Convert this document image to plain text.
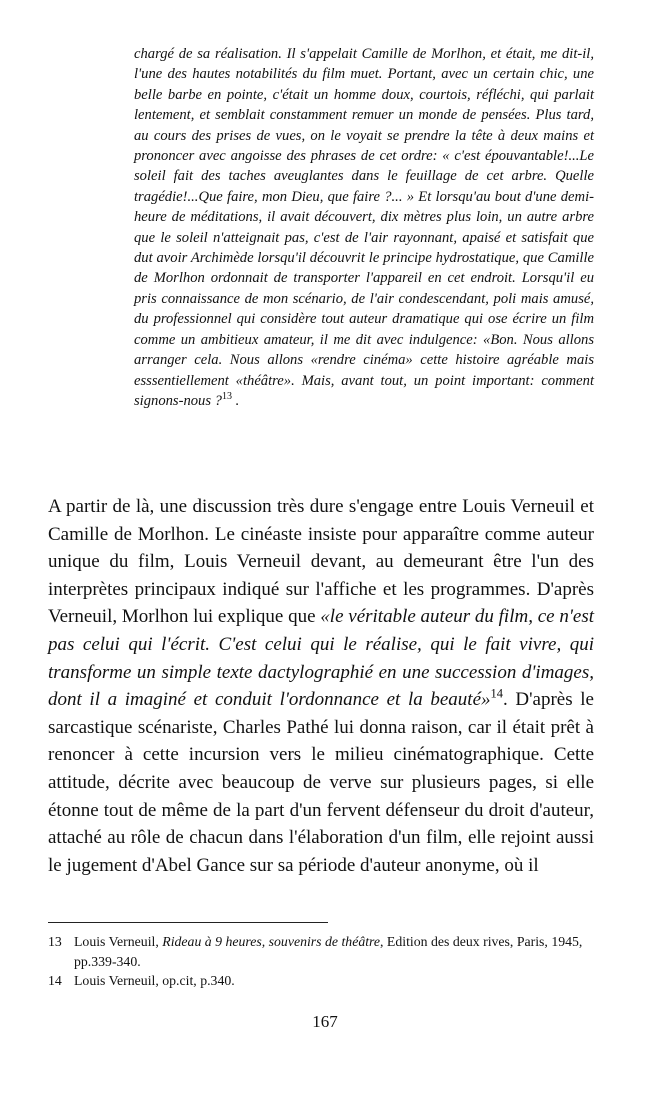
chargé de sa réalisation. Il s'appelait Camille de Morlhon, et était, me dit-il, l'une des hautes notabilités du film muet. Portant, avec un certain chic, une belle barbe en pointe, c'était un homme doux, courtois, réfléchi, qui parlait lentement, et semblait constamment remuer un monde de pensées. Plus tard, au cours des prises de vues, on le voyait se prendre la tête à deux mains et prononcer avec angoisse des phrases de cet ordre: « c'est épouvantable!...Le soleil fait des taches aveuglantes dans le feuillage de cet arbre. Quelle tragédie!...Que faire, mon Dieu, que faire ?... » Et lorsqu'au bout d'une demi-heure de méditations, il avait découvert, dix mètres plus loin, un autre arbre que le soleil n'atteignait pas, c'est de l'air rayonnant, apaisé et satisfait que dut avoir Archimède lorsqu'il découvrit le principe hydrostatique, que Camille de Morlhon ordonnait de transporter l'appareil en cet endroit. Lorsqu'il eu pris connaissance de mon scénario, de l'air condescendant, poli mais amusé, du professionnel qui considère tout auteur dramatique qui ose écrire un film comme un ambitieux amateur, il me dit avec indulgence: «Bon. Nous allons arranger cela. Nous allons «rendre cinéma» cette histoire agréable mais esssentiellement «théâtre». Mais, avant tout, un point important: comment signons-nous ?$^{13}$ .

A partir de là, une discussion très dure s'engage entre Louis Verneuil et Camille de Morlhon. Le cinéaste insiste pour apparaître comme auteur unique du film, Louis Verneuil devant, au demeurant être l'un des interprètes principaux indiqué sur l'affiche et les programmes. D'après Verneuil, Morlhon lui explique que «le véritable auteur du film, ce n'est pas celui qui l'écrit. C'est celui qui le réalise, qui le fait vivre, qui transforme un simple texte dactylographié en une succession d'images, dont il a imaginé et conduit l'ordonnance et la beauté»$^{14}$. D'après le sarcastique scénariste, Charles Pathé lui donna raison, car il était prêt à renoncer à cette incursion vers le milieu cinématographique. Cette attitude, décrite avec beaucoup de verve sur plusieurs pages, si elle étonne tout de même de la part d'un fervent défenseur du droit d'auteur, attaché au rôle de chacun dans l'élaboration d'un film, elle rejoint aussi le jugement d'Abel Gance sur sa période d'auteur anonyme, où il

13 Louis Verneuil, Rideau à 9 heures, souvenirs de théâtre, Edition des deux rives, Paris, 1945, pp.339-340.
14 Louis Verneuil, op.cit, p.340.
167
